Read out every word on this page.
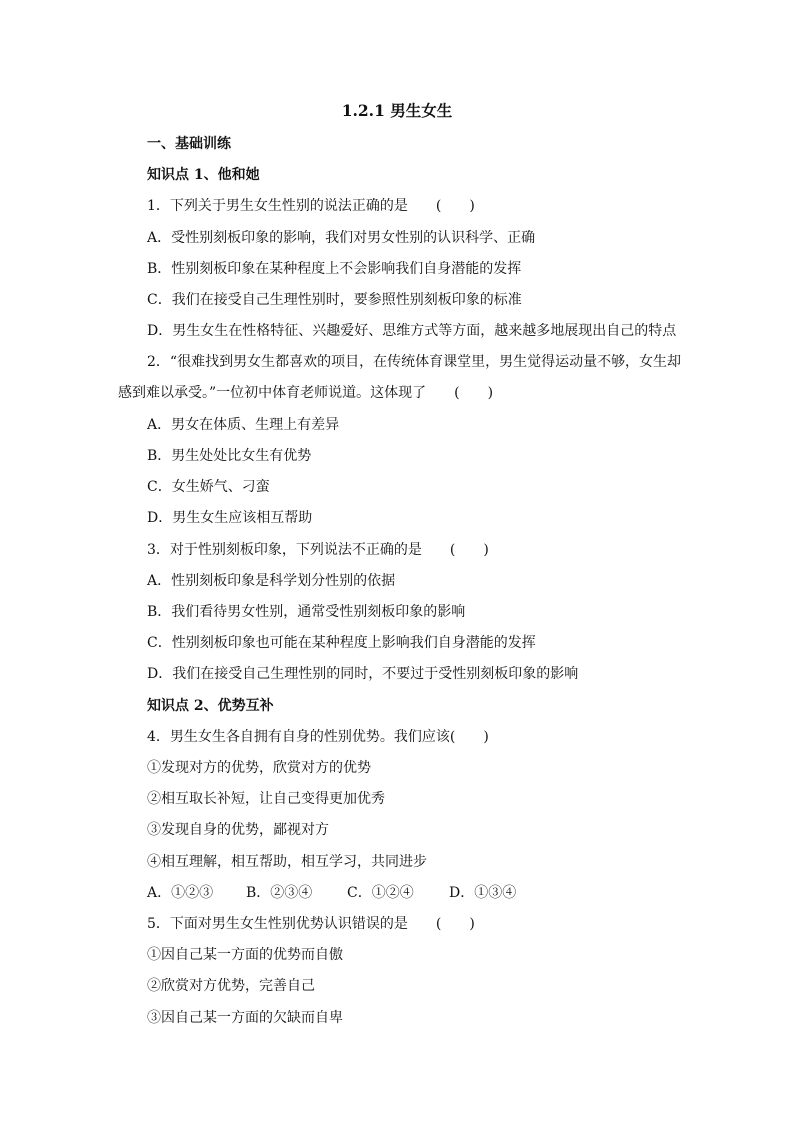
1.2.1 男生女生
一、基础训练
知识点 1、他和她
1．下列关于男生女生性别的说法正确的是　　(　　)
A．受性别刻板印象的影响，我们对男女性别的认识科学、正确
B．性别刻板印象在某种程度上不会影响我们自身潜能的发挥
C．我们在接受自己生理性别时，要参照性别刻板印象的标准
D．男生女生在性格特征、兴趣爱好、思维方式等方面，越来越多地展现出自己的特点
2．“很难找到男女生都喜欢的项目，在传统体育课堂里，男生觉得运动量不够，女生却
感到难以承受。”一位初中体育老师说道。这体现了　　(　　)
A．男女在体质、生理上有差异
B．男生处处比女生有优势
C．女生娇气、刁蛮
D．男生女生应该相互帮助
3．对于性别刻板印象，下列说法不正确的是　　(　　)
A．性别刻板印象是科学划分性别的依据
B．我们看待男女性别，通常受性别刻板印象的影响
C．性别刻板印象也可能在某种程度上影响我们自身潜能的发挥
D．我们在接受自己生理性别的同时，不要过于受性别刻板印象的影响
知识点 2、优势互补
4．男生女生各自拥有自身的性别优势。我们应该(　　)
①发现对方的优势，欣赏对方的优势
②相互取长补短，让自己变得更加优秀
③发现自身的优势，鄙视对方
④相互理解，相互帮助，相互学习，共同进步
A．①②③ B．②③④ C．①②④	D．①③④
5．下面对男生女生性别优势认识错误的是　　(　　)
①因自己某一方面的优势而自傲
②欣赏对方优势，完善自己
③因自己某一方面的欠缺而自卑
